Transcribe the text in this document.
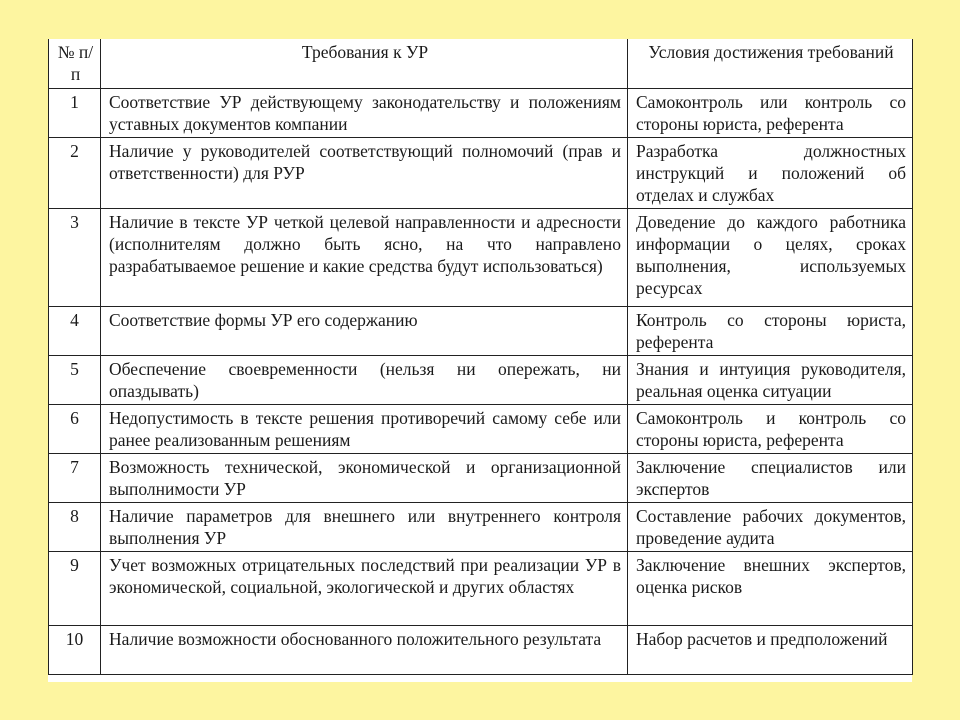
№ п/п	Требования к УР	Условия достижения требований
1	Соответствие УР действующему законодательству и положениям уставных документов компании	Самоконтроль или контроль со стороны юриста, референта
2	Наличие у руководителей соответствующий полномочий (прав и ответственности) для РУР	Разработка должностных инструкций и положений об отделах и службах
3	Наличие в тексте УР четкой целевой направленности и адресности (исполнителям должно быть ясно, на что направлено разрабатываемое решение и какие средства будут использоваться)	Доведение до каждого работника информации о целях, сроках выполнения, используемых ресурсах
4	Соответствие формы УР его содержанию	Контроль со стороны юриста, референта
5	Обеспечение своевременности (нельзя ни опережать, ни опаздывать)	Знания и интуиция руководителя, реальная оценка ситуации
6	Недопустимость в тексте решения противоречий самому себе или ранее реализованным решениям	Самоконтроль и контроль со стороны юриста, референта
7	Возможность технической, экономической и организационной выполнимости УР	Заключение специалистов или экспертов
8	Наличие параметров для внешнего или внутреннего контроля выполнения УР	Составление рабочих документов, проведение аудита
9	Учет возможных отрицательных последствий при реализации УР в экономической, социальной, экологической и других областях	Заключение внешних экспертов, оценка рисков
10	Наличие возможности обоснованного положительного результата	Набор расчетов и предположений
